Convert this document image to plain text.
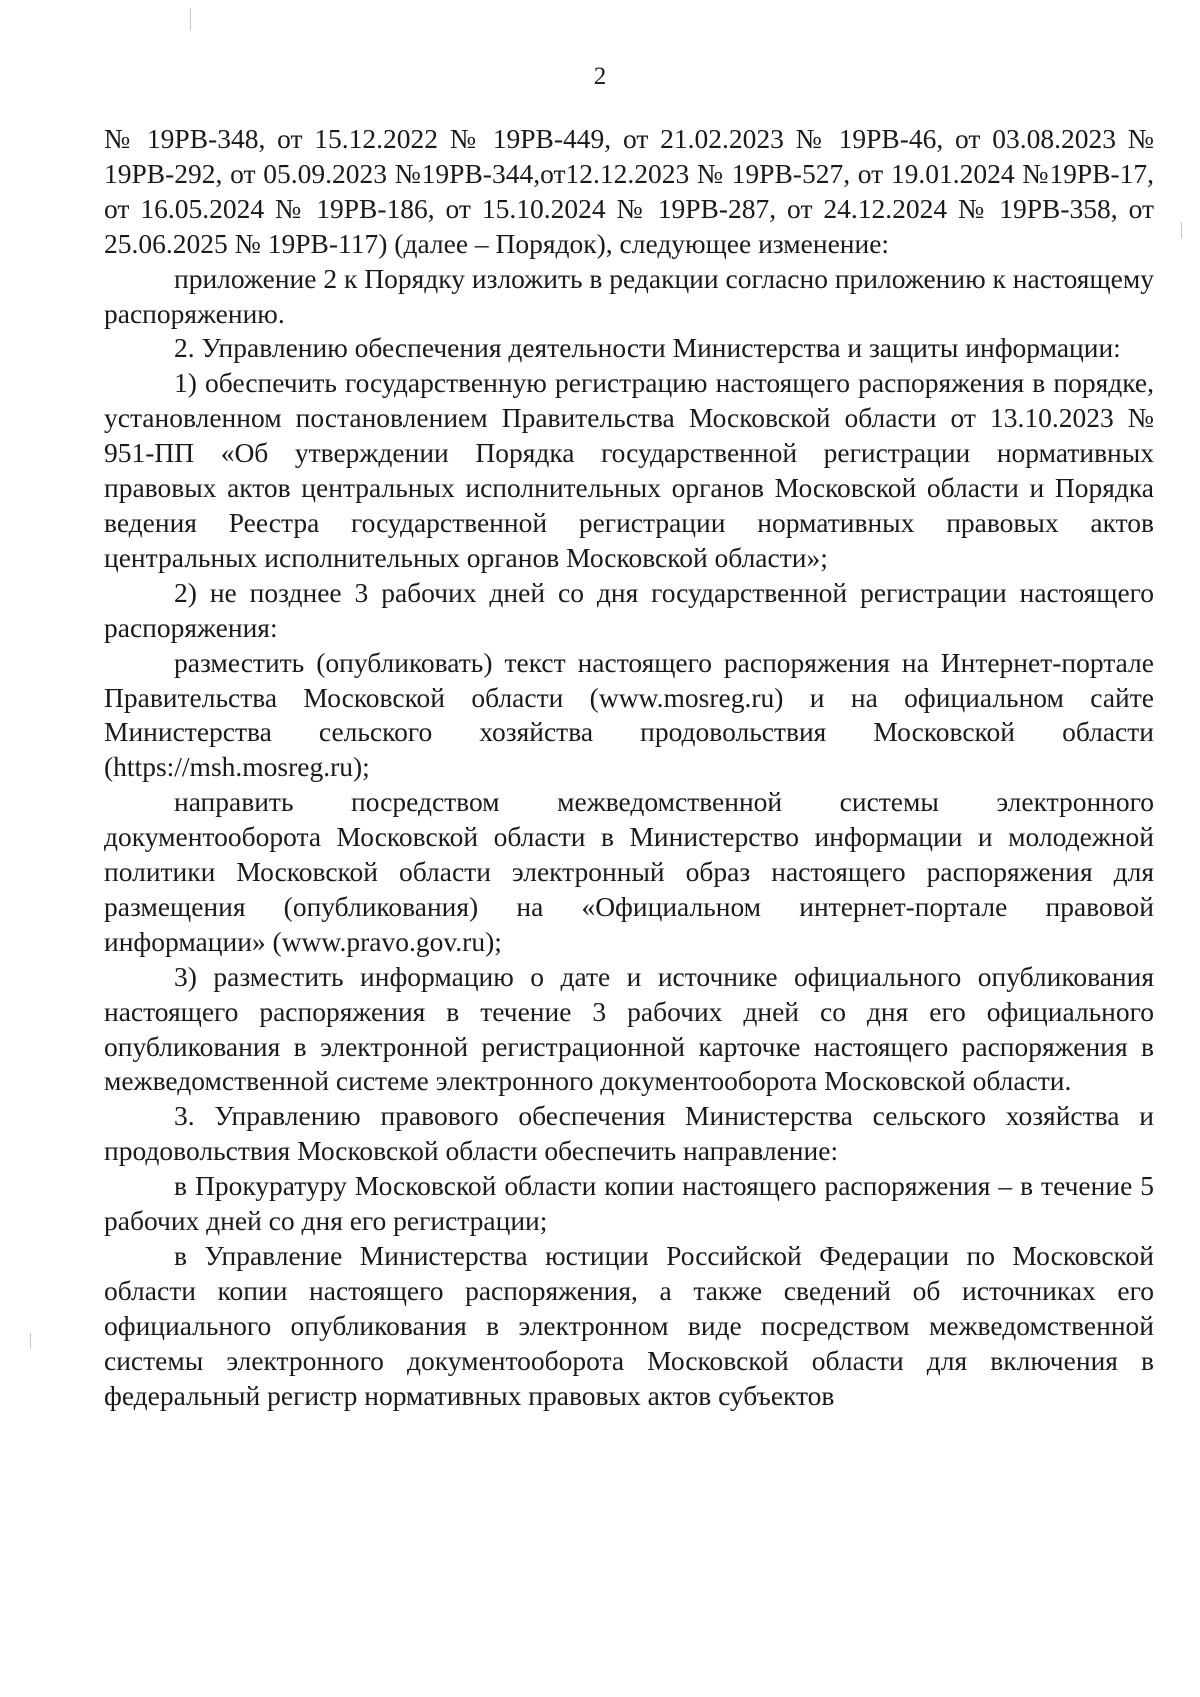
2

№ 19РВ-348, от 15.12.2022 № 19РВ-449, от 21.02.2023 № 19РВ-46, от 03.08.2023 № 19РВ-292, от 05.09.2023 №19РВ-344,от12.12.2023 № 19РВ-527, от 19.01.2024 №19РВ-17, от 16.05.2024 № 19РВ-186, от 15.10.2024 № 19РВ-287, от 24.12.2024 № 19РВ-358, от 25.06.2025 № 19РВ-117) (далее – Порядок), следующее изменение:

приложение 2 к Порядку изложить в редакции согласно приложению к настоящему распоряжению.

2. Управлению обеспечения деятельности Министерства и защиты информации:

1) обеспечить государственную регистрацию настоящего распоряжения в порядке, установленном постановлением Правительства Московской области от 13.10.2023 № 951-ПП «Об утверждении Порядка государственной регистрации нормативных правовых актов центральных исполнительных органов Московской области и Порядка ведения Реестра государственной регистрации нормативных правовых актов центральных исполнительных органов Московской области»;

2) не позднее 3 рабочих дней со дня государственной регистрации настоящего распоряжения:

разместить (опубликовать) текст настоящего распоряжения на Интернет-портале Правительства Московской области (www.mosreg.ru) и на официальном сайте Министерства сельского хозяйства продовольствия Московской области (https://msh.mosreg.ru);

направить посредством межведомственной системы электронного документооборота Московской области в Министерство информации и молодежной политики Московской области электронный образ настоящего распоряжения для размещения (опубликования) на «Официальном интернет-портале правовой информации» (www.pravo.gov.ru);

3) разместить информацию о дате и источнике официального опубликования настоящего распоряжения в течение 3 рабочих дней со дня его официального опубликования в электронной регистрационной карточке настоящего распоряжения в межведомственной системе электронного документооборота Московской области.

3. Управлению правового обеспечения Министерства сельского хозяйства и продовольствия Московской области обеспечить направление:

в Прокуратуру Московской области копии настоящего распоряжения – в течение 5 рабочих дней со дня его регистрации;

в Управление Министерства юстиции Российской Федерации по Московской области копии настоящего распоряжения, а также сведений об источниках его официального опубликования в электронном виде посредством межведомственной системы электронного документооборота Московской области для включения в федеральный регистр нормативных правовых актов субъектов
